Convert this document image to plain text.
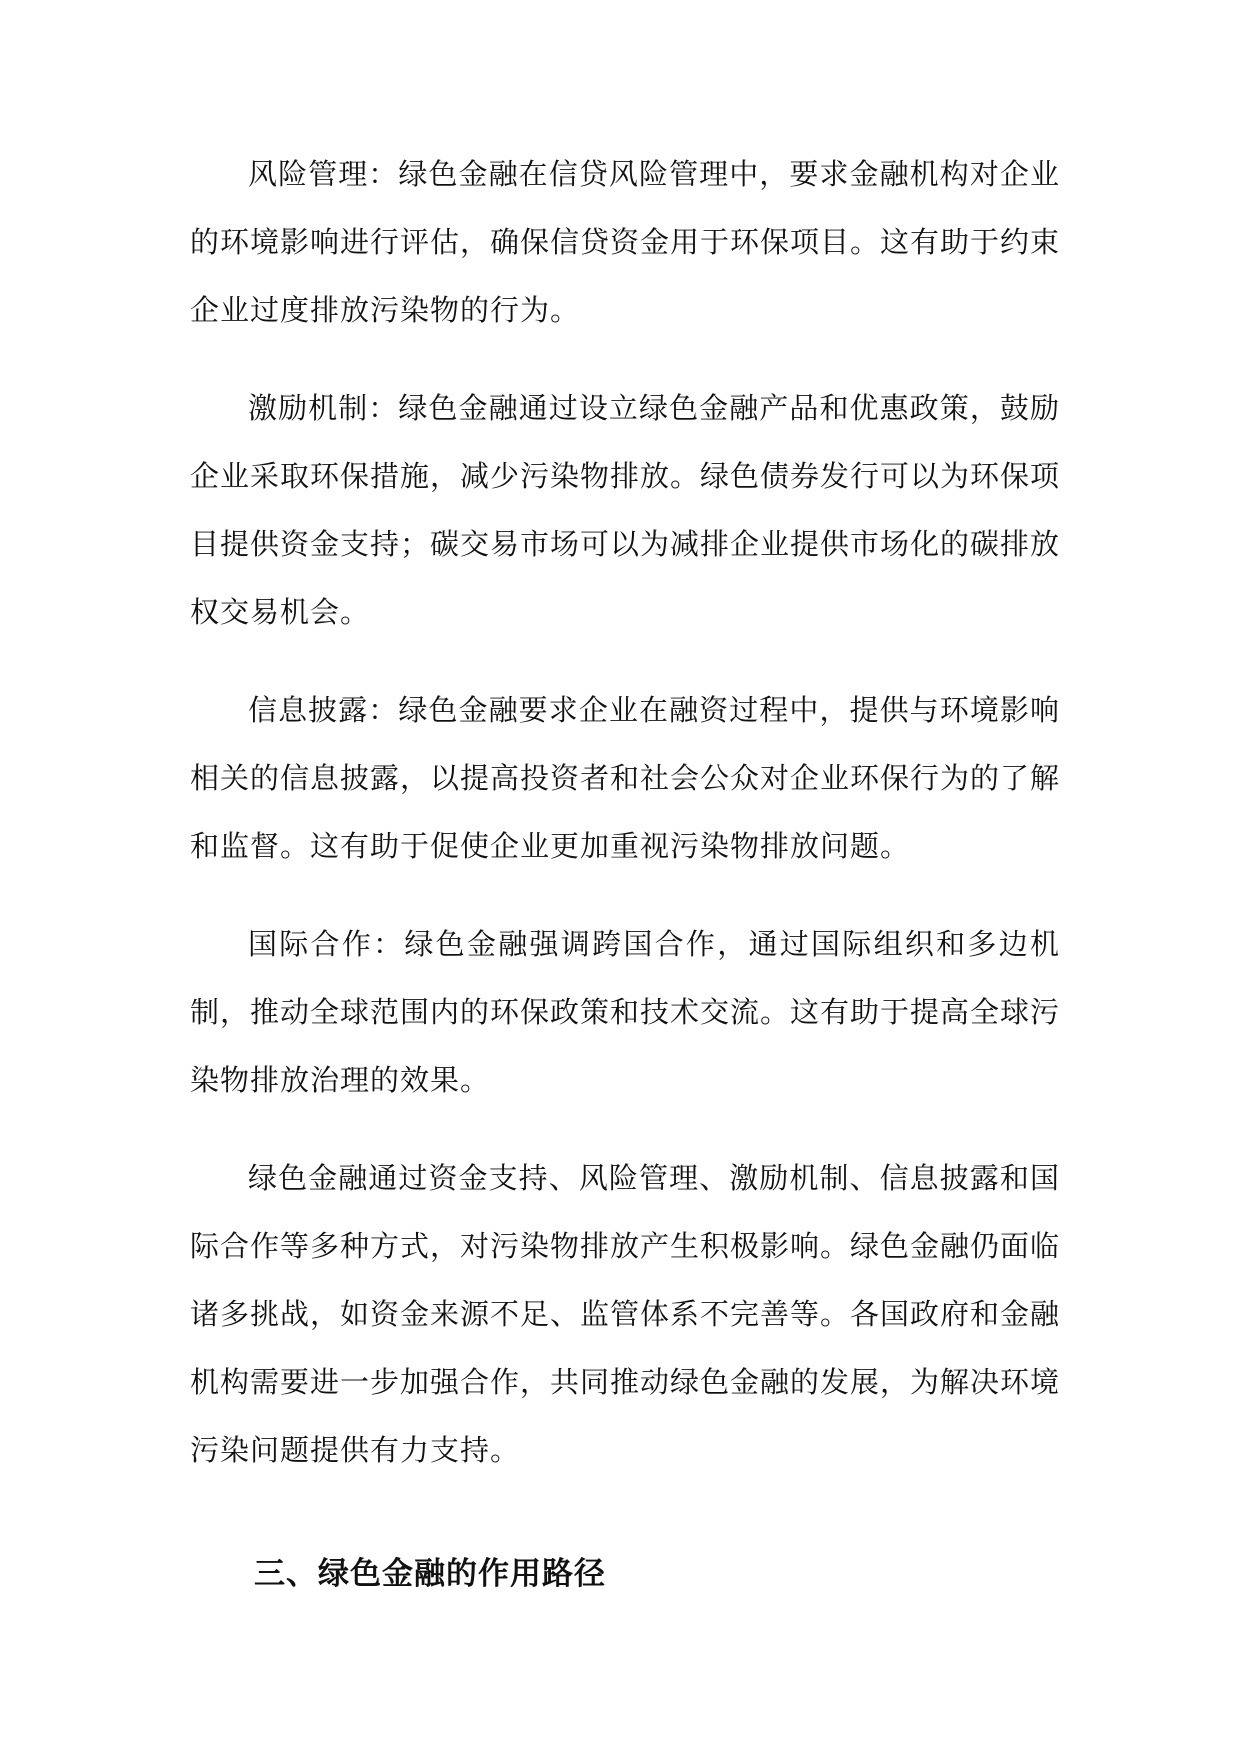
风险管理：绿色金融在信贷风险管理中，要求金融机构对企业的环境影响进行评估，确保信贷资金用于环保项目。这有助于约束企业过度排放污染物的行为。

激励机制：绿色金融通过设立绿色金融产品和优惠政策，鼓励企业采取环保措施，减少污染物排放。绿色债券发行可以为环保项目提供资金支持；碳交易市场可以为减排企业提供市场化的碳排放权交易机会。

信息披露：绿色金融要求企业在融资过程中，提供与环境影响相关的信息披露，以提高投资者和社会公众对企业环保行为的了解和监督。这有助于促使企业更加重视污染物排放问题。

国际合作：绿色金融强调跨国合作，通过国际组织和多边机制，推动全球范围内的环保政策和技术交流。这有助于提高全球污染物排放治理的效果。

绿色金融通过资金支持、风险管理、激励机制、信息披露和国际合作等多种方式，对污染物排放产生积极影响。绿色金融仍面临诸多挑战，如资金来源不足、监管体系不完善等。各国政府和金融机构需要进一步加强合作，共同推动绿色金融的发展，为解决环境污染问题提供有力支持。

三、绿色金融的作用路径
